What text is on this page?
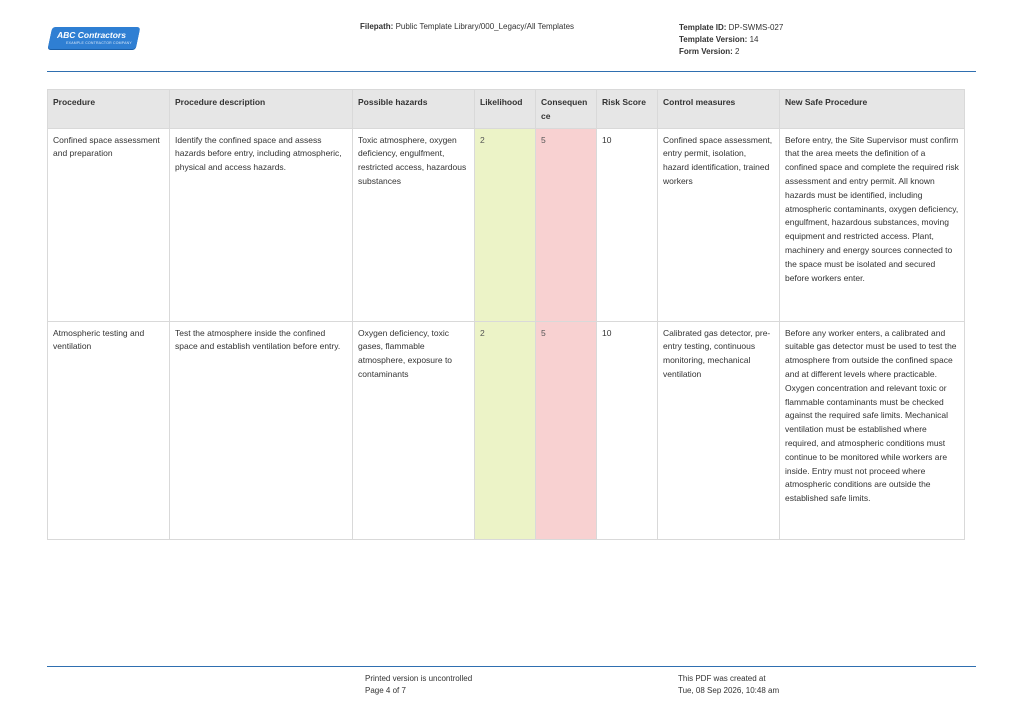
ABC Contractors
EXAMPLE CONTRACTOR COMPANY
Filepath: Public Template Library/000_Legacy/All Templates	Template ID: DP-SWMS-027
Template Version: 14
Form Version: 2
Procedure	Procedure description	Possible hazards	Likelihood	Consequence	Risk Score	Control measures	New Safe Procedure
Confined space assessment and preparation	Identify the confined space and assess hazards before entry, including atmospheric, physical and access hazards.	Toxic atmosphere, oxygen deficiency, engulfment, restricted access, hazardous substances	2	5	10	Confined space assessment, entry permit, isolation, hazard identification, trained workers	Before entry, the Site Supervisor must confirm that the area meets the definition of a confined space and complete the required risk assessment and entry permit. All known hazards must be identified, including atmospheric contaminants, oxygen deficiency, engulfment, hazardous substances, moving equipment and restricted access. Plant, machinery and energy sources connected to the space must be isolated and secured before workers enter.
Atmospheric testing and ventilation	Test the atmosphere inside the confined space and establish ventilation before entry.	Oxygen deficiency, toxic gases, flammable atmosphere, exposure to contaminants	2	5	10	Calibrated gas detector, pre-entry testing, continuous monitoring, mechanical ventilation	Before any worker enters, a calibrated and suitable gas detector must be used to test the atmosphere from outside the confined space and at different levels where practicable. Oxygen concentration and relevant toxic or flammable contaminants must be checked against the required safe limits. Mechanical ventilation must be established where required, and atmospheric conditions must continue to be monitored while workers are inside. Entry must not proceed where atmospheric conditions are outside the established safe limits.
Printed version is uncontrolled
Page 4 of 7
This PDF was created at
Tue, 08 Sep 2026, 10:48 am
